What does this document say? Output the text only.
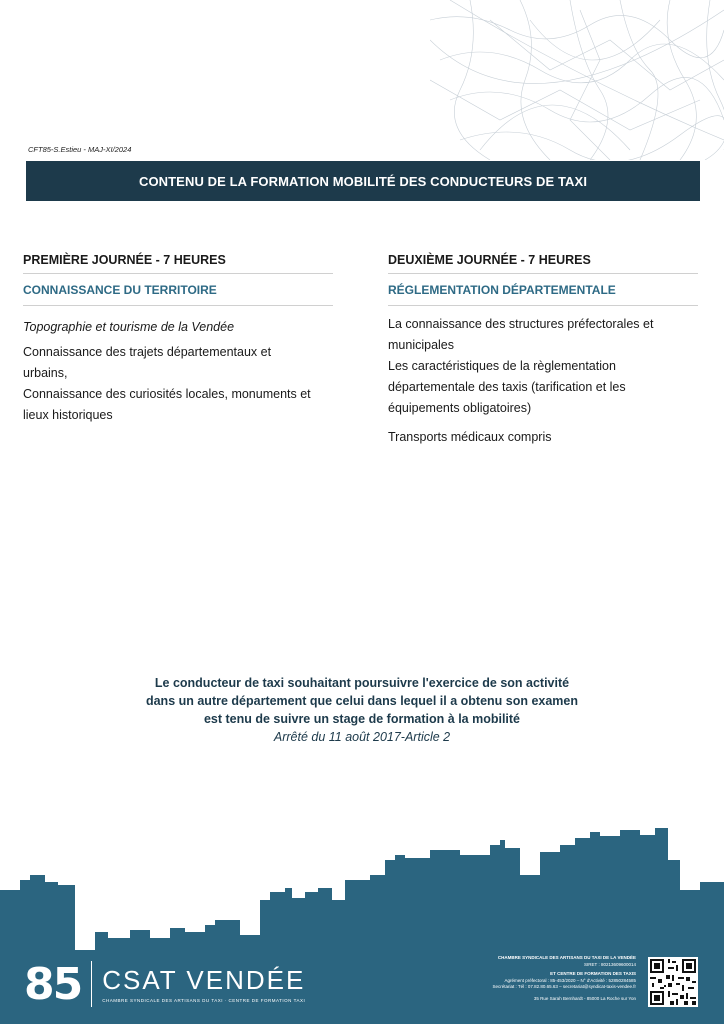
CFT85-S.Estieu - MAJ-XI/2024
CONTENU DE LA FORMATION MOBILITÉ DES CONDUCTEURS DE TAXI
PREMIÈRE JOURNÉE - 7 HEURES
CONNAISSANCE DU TERRITOIRE
Topographie et tourisme de la Vendée
Connaissance des trajets départementaux et
urbains,
Connaissance des curiosités locales, monuments et
lieux historiques
DEUXIÈME JOURNÉE - 7 HEURES
RÉGLEMENTATION DÉPARTEMENTALE
La connaissance des structures préfectorales et
municipales
Les caractéristiques de la règlementation
départementale des taxis (tarification et les
équipements obligatoires)
Transports médicaux compris
Le conducteur de taxi souhaitant poursuivre l'exercice de son activité
dans un autre département que celui dans lequel il a obtenu son examen
est tenu de suivre un stage de formation à la mobilité
Arrêté du 11 août 2017-Article 2
85 CSAT VENDÉE
CHAMBRE SYNDICALE DES ARTISANS DU TAXI · CENTRE DE FORMATION TAXI
CHAMBRE SYNDICALE DES ARTISANS DU TAXI DE LA VENDÉE
SIRET : 80213609600014
ET CENTRE DE FORMATION DES TAXIS
Agrément préfectoral : 85-453/2020 – N° d'Activité : 52850284585
Secrétariat : Tél : 07.82.80.65.63 – secretariat@syndicat-taxis-vendee.fr
35 Rue Sarah Bernhardt - 85000 La Roche sur Yon
